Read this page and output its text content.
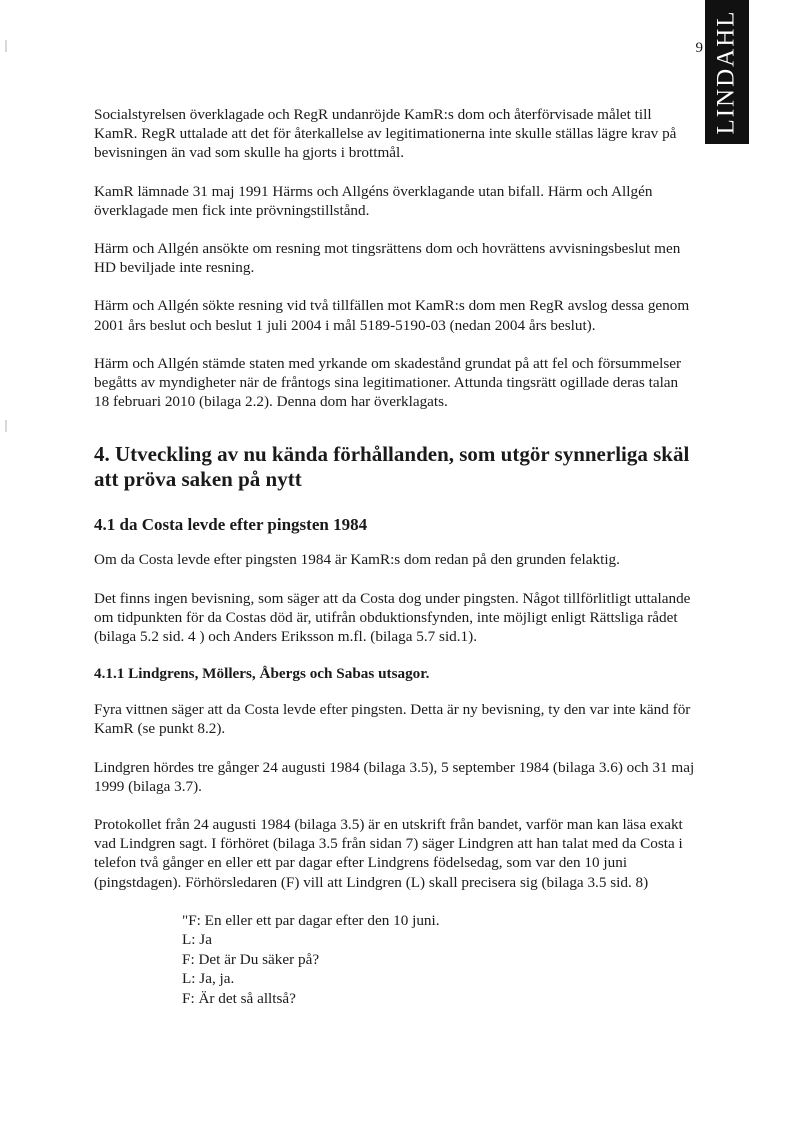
9 LINDAHL

Socialstyrelsen överklagade och RegR undanröjde KamR:s dom och återförvisade målet till KamR. RegR uttalade att det för återkallelse av legitimationerna inte skulle ställas lägre krav på bevisningen än vad som skulle ha gjorts i brottmål.

KamR lämnade 31 maj 1991 Härms och Allgéns överklagande utan bifall. Härm och Allgén överklagade men fick inte prövningstillstånd.

Härm och Allgén ansökte om resning mot tingsrättens dom och hovrättens avvisningsbeslut men HD beviljade inte resning.

Härm och Allgén sökte resning vid två tillfällen mot KamR:s dom men RegR avslog dessa genom 2001 års beslut och beslut 1 juli 2004 i mål 5189-5190-03 (nedan 2004 års beslut).

Härm och Allgén stämde staten med yrkande om skadestånd grundat på att fel och försummelser begåtts av myndigheter när de fråntogs sina legitimationer. Attunda tingsrätt ogillade deras talan 18 februari 2010 (bilaga 2.2). Denna dom har överklagats.

4. Utveckling av nu kända förhållanden, som utgör synnerliga skäl att pröva saken på nytt
4.1 da Costa levde efter pingsten 1984

Om da Costa levde efter pingsten 1984 är KamR:s dom redan på den grunden felaktig.

Det finns ingen bevisning, som säger att da Costa dog under pingsten. Något tillförlitligt uttalande om tidpunkten för da Costas död är, utifrån obduktionsfynden, inte möjligt enligt Rättsliga rådet (bilaga 5.2 sid. 4 ) och Anders Eriksson m.fl. (bilaga 5.7 sid.1).

4.1.1 Lindgrens, Möllers, Åbergs och Sabas utsagor.

Fyra vittnen säger att da Costa levde efter pingsten. Detta är ny bevisning, ty den var inte känd för KamR (se punkt 8.2).

Lindgren hördes tre gånger 24 augusti 1984 (bilaga 3.5), 5 september 1984 (bilaga 3.6) och 31 maj 1999 (bilaga 3.7).

Protokollet från 24 augusti 1984 (bilaga 3.5) är en utskrift från bandet, varför man kan läsa exakt vad Lindgren sagt. I förhöret (bilaga 3.5 från sidan 7) säger Lindgren att han talat med da Costa i telefon två gånger en eller ett par dagar efter Lindgrens födelsedag, som var den 10 juni (pingstdagen). Förhörsledaren (F) vill att Lindgren (L) skall precisera sig (bilaga 3.5 sid. 8)

"F: En eller ett par dagar efter den 10 juni.
L: Ja
F: Det är Du säker på?
L: Ja, ja.
F: Är det så alltså?
